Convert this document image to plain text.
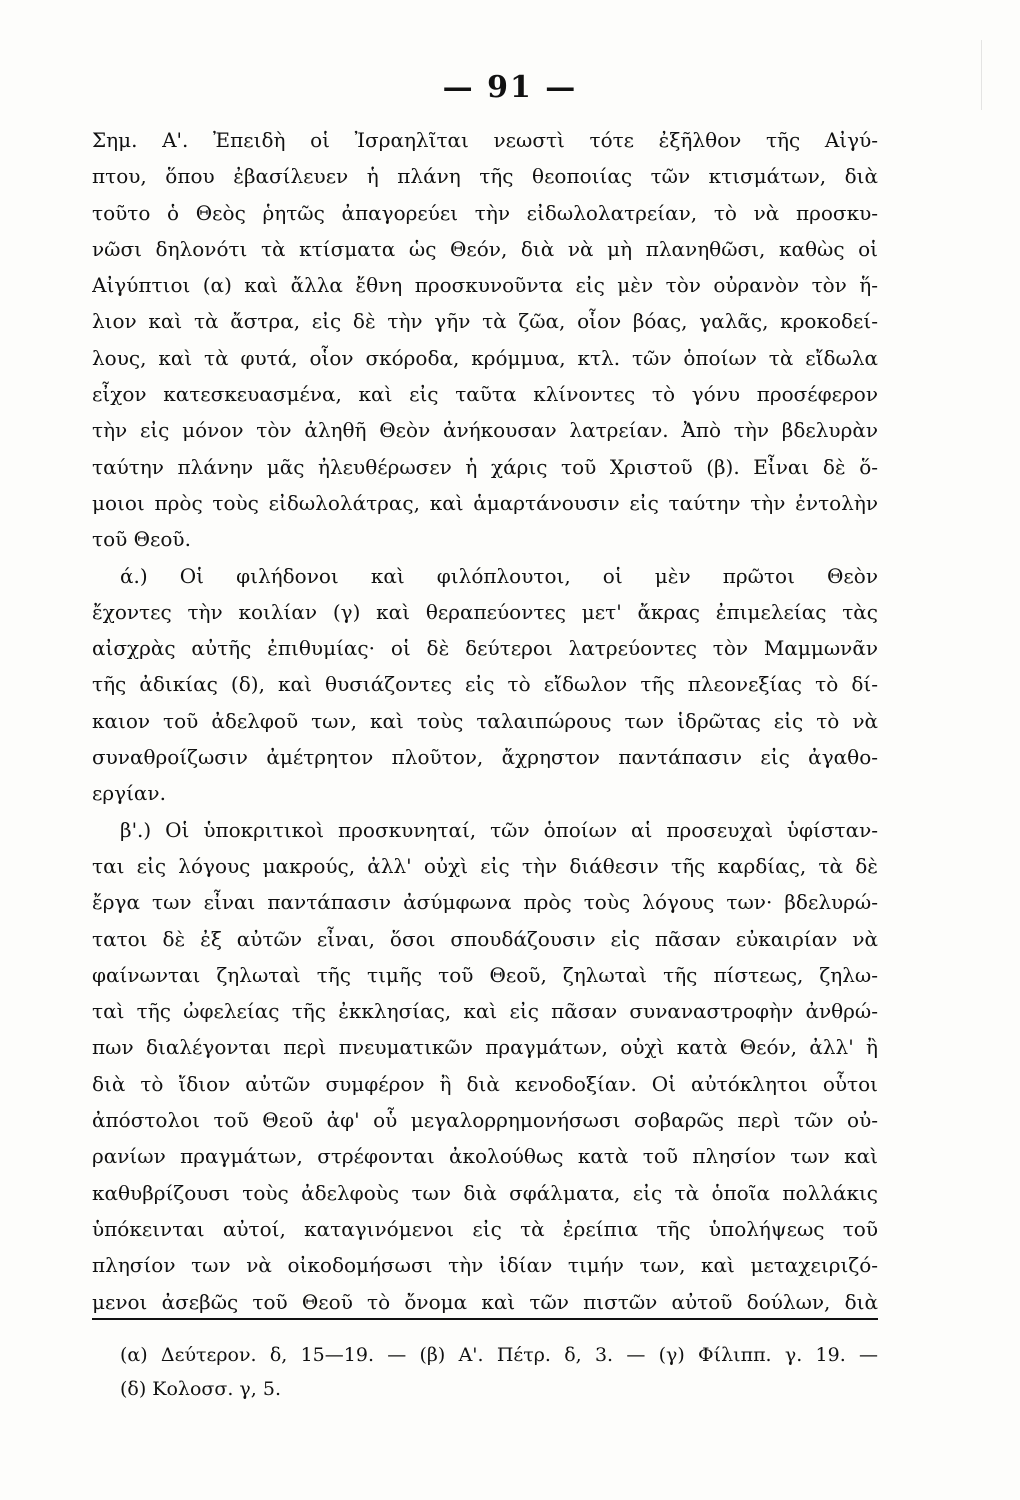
— 91 —
Σημ. Α'. Ἐπειδὴ οἱ Ἰσραηλῖται νεωστὶ τότε ἐξῆλθον τῆς Αἰγύ-
πτου, ὅπου ἐβασίλευεν ἡ πλάνη τῆς θεοποιίας τῶν κτισμάτων, διὰ
τοῦτο ὁ Θεὸς ῥητῶς ἀπαγορεύει τὴν εἰδωλολατρείαν, τὸ νὰ προσκυ-
νῶσι δηλονότι τὰ κτίσματα ὡς Θεόν, διὰ νὰ μὴ πλανηθῶσι, καθὼς οἱ
Αἰγύπτιοι (α) καὶ ἄλλα ἔθνη προσκυνοῦντα εἰς μὲν τὸν οὐρανὸν τὸν ἥ-
λιον καὶ τὰ ἄστρα, εἰς δὲ τὴν γῆν τὰ ζῶα, οἷον βόας, γαλᾶς, κροκοδεί-
λους, καὶ τὰ φυτά, οἷον σκόροδα, κρόμμυα, κτλ. τῶν ὁποίων τὰ εἴδωλα
εἶχον κατεσκευασμένα, καὶ εἰς ταῦτα κλίνοντες τὸ γόνυ προσέφερον
τὴν εἰς μόνον τὸν ἀληθῆ Θεὸν ἀνήκουσαν λατρείαν. Ἀπὸ τὴν βδελυρὰν
ταύτην πλάνην μᾶς ἠλευθέρωσεν ἡ χάρις τοῦ Χριστοῦ (β). Εἶναι δὲ ὅ-
μοιοι πρὸς τοὺς εἰδωλολάτρας, καὶ ἁμαρτάνουσιν εἰς ταύτην τὴν ἐντολὴν
τοῦ Θεοῦ.
ά.) Οἱ φιλήδονοι καὶ φιλόπλουτοι, οἱ μὲν πρῶτοι Θεὸν
ἔχοντες τὴν κοιλίαν (γ) καὶ θεραπεύοντες μετ' ἄκρας ἐπιμελείας τὰς
αἰσχρὰς αὐτῆς ἐπιθυμίας· οἱ δὲ δεύτεροι λατρεύοντες τὸν Μαμμωνᾶν
τῆς ἀδικίας (δ), καὶ θυσιάζοντες εἰς τὸ εἴδωλον τῆς πλεονεξίας τὸ δί-
καιον τοῦ ἀδελφοῦ των, καὶ τοὺς ταλαιπώρους των ἱδρῶτας εἰς τὸ νὰ
συναθροίζωσιν ἀμέτρητον πλοῦτον, ἄχρηστον παντάπασιν εἰς ἀγαθο-
εργίαν.
β'.) Οἱ ὑποκριτικοὶ προσκυνηταί, τῶν ὁποίων αἱ προσευχαὶ ὑφίσταν-
ται εἰς λόγους μακρούς, ἀλλ' οὐχὶ εἰς τὴν διάθεσιν τῆς καρδίας, τὰ δὲ
ἔργα των εἶναι παντάπασιν ἀσύμφωνα πρὸς τοὺς λόγους των· βδελυρώ-
τατοι δὲ ἐξ αὐτῶν εἶναι, ὅσοι σπουδάζουσιν εἰς πᾶσαν εὐκαιρίαν νὰ
φαίνωνται ζηλωταὶ τῆς τιμῆς τοῦ Θεοῦ, ζηλωταὶ τῆς πίστεως, ζηλω-
ταὶ τῆς ὠφελείας τῆς ἐκκλησίας, καὶ εἰς πᾶσαν συναναστροφὴν ἀνθρώ-
πων διαλέγονται περὶ πνευματικῶν πραγμάτων, οὐχὶ κατὰ Θεόν, ἀλλ' ἢ
διὰ τὸ ἴδιον αὐτῶν συμφέρον ἢ διὰ κενοδοξίαν. Οἱ αὐτόκλητοι οὗτοι
ἀπόστολοι τοῦ Θεοῦ ἀφ' οὗ μεγαλορρημονήσωσι σοβαρῶς περὶ τῶν οὐ-
ρανίων πραγμάτων, στρέφονται ἀκολούθως κατὰ τοῦ πλησίον των καὶ
καθυβρίζουσι τοὺς ἀδελφοὺς των διὰ σφάλματα, εἰς τὰ ὁποῖα πολλάκις
ὑπόκεινται αὐτοί, καταγινόμενοι εἰς τὰ ἐρείπια τῆς ὑπολήψεως τοῦ
πλησίον των νὰ οἰκοδομήσωσι τὴν ἰδίαν τιμήν των, καὶ μεταχειριζό-
μενοι ἀσεβῶς τοῦ Θεοῦ τὸ ὄνομα καὶ τῶν πιστῶν αὐτοῦ δούλων, διὰ
(α) Δεύτερον. δ, 15—19. — (β) Α'. Πέτρ. δ, 3. — (γ) Φίλιππ. γ. 19. —
(δ) Κολοσσ. γ, 5.
